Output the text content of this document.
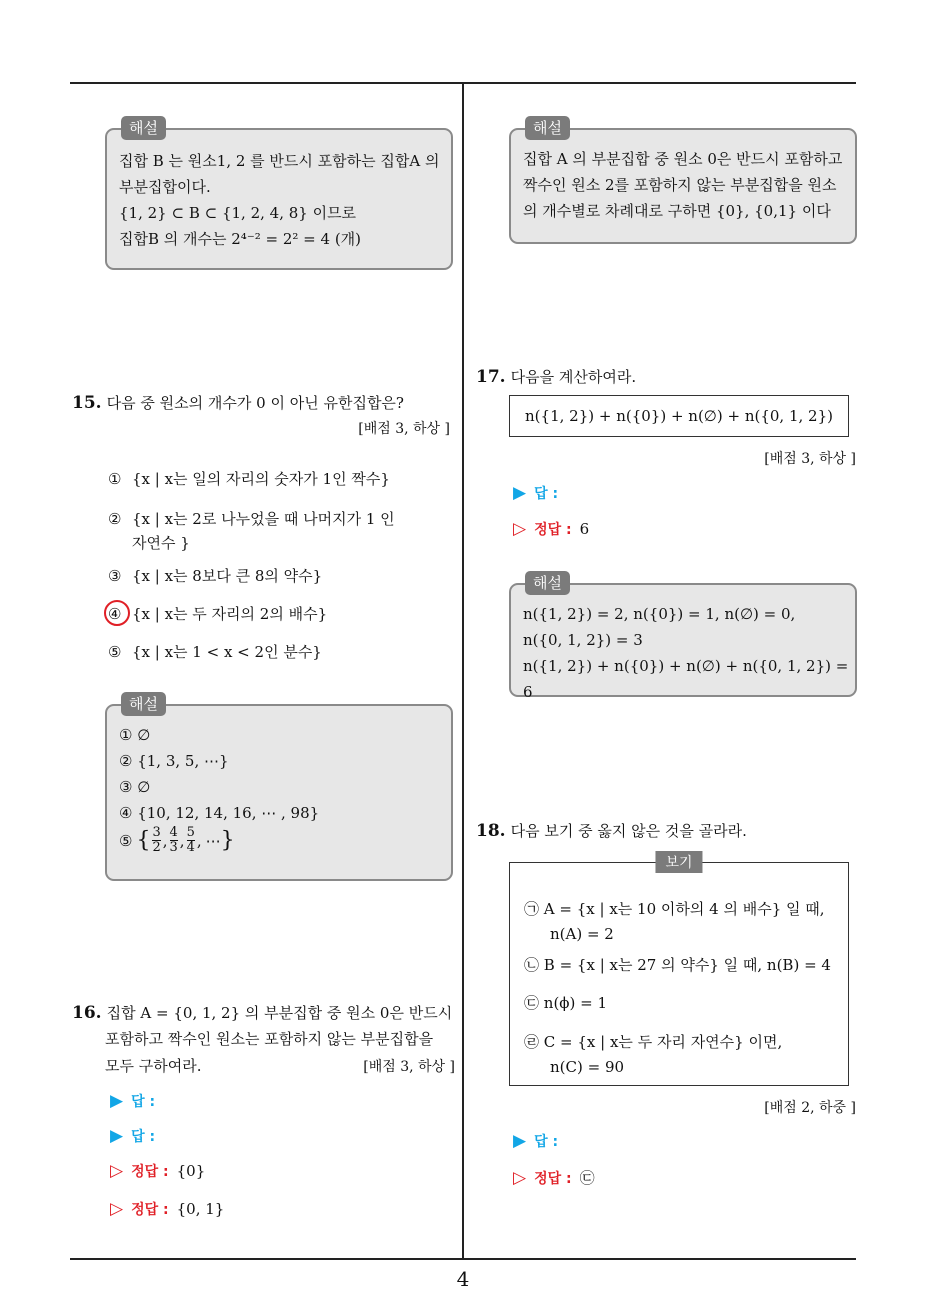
해설
집합 B 는 원소1, 2 를 반드시 포함하는 집합A 의
부분집합이다.
{1, 2} ⊂ B ⊂ {1, 2, 4, 8} 이므로
집합B 의 개수는 2⁴⁻² = 2² = 4 (개)
15. 다음 중 원소의 개수가 0 이 아닌 유한집합은?
[배점 3, 하상 ]
① {x | x는 일의 자리의 숫자가 1인 짝수}
② {x | x는 2로 나누었을 때 나머지가 1 인
자연수 }
③ {x | x는 8보다 큰 8의 약수}
④ {x | x는 두 자리의 2의 배수}
⑤ {x | x는 1 < x < 2인 분수}
해설
① ∅
② {1, 3, 5, ⋯}
③ ∅
④ {10, 12, 14, 16, ⋯ , 98}
⑤ { $\frac{3}{2}$ , $\frac{4}{3}$ , $\frac{5}{4}$ , ⋯ }
16. 집합 A = {0, 1, 2} 의 부분집합 중 원소 0은 반드시
포함하고 짝수인 원소는 포함하지 않는 부분집합을
모두 구하여라.	[배점 3, 하상 ]
▶ 답 :
▶ 답 :
▷ 정답 : {0}
▷ 정답 : {0, 1}
해설
집합 A 의 부분집합 중 원소 0은 반드시 포함하고
짝수인 원소 2를 포함하지 않는 부분집합을 원소
의 개수별로 차례대로 구하면 {0}, {0,1} 이다
17. 다음을 계산하여라.
n({1, 2}) + n({0}) + n(∅) + n({0, 1, 2})
[배점 3, 하상 ]
▶ 답 :
▷ 정답 : 6
해설
n({1, 2}) = 2, n({0}) = 1, n(∅) = 0,
n({0, 1, 2}) = 3
n({1, 2}) + n({0}) + n(∅) + n({0, 1, 2}) = 6
18. 다음 보기 중 옳지 않은 것을 골라라.
보기
㉠ A = {x | x는 10 이하의 4 의 배수} 일 때,
n(A) = 2
㉡ B = {x | x는 27 의 약수} 일 때, n(B) = 4
㉢ n(ϕ) = 1
㉣ C = {x | x는 두 자리 자연수} 이면,
n(C) = 90
[배점 2, 하중 ]
▶ 답 :
▷ 정답 : ㉢
4
